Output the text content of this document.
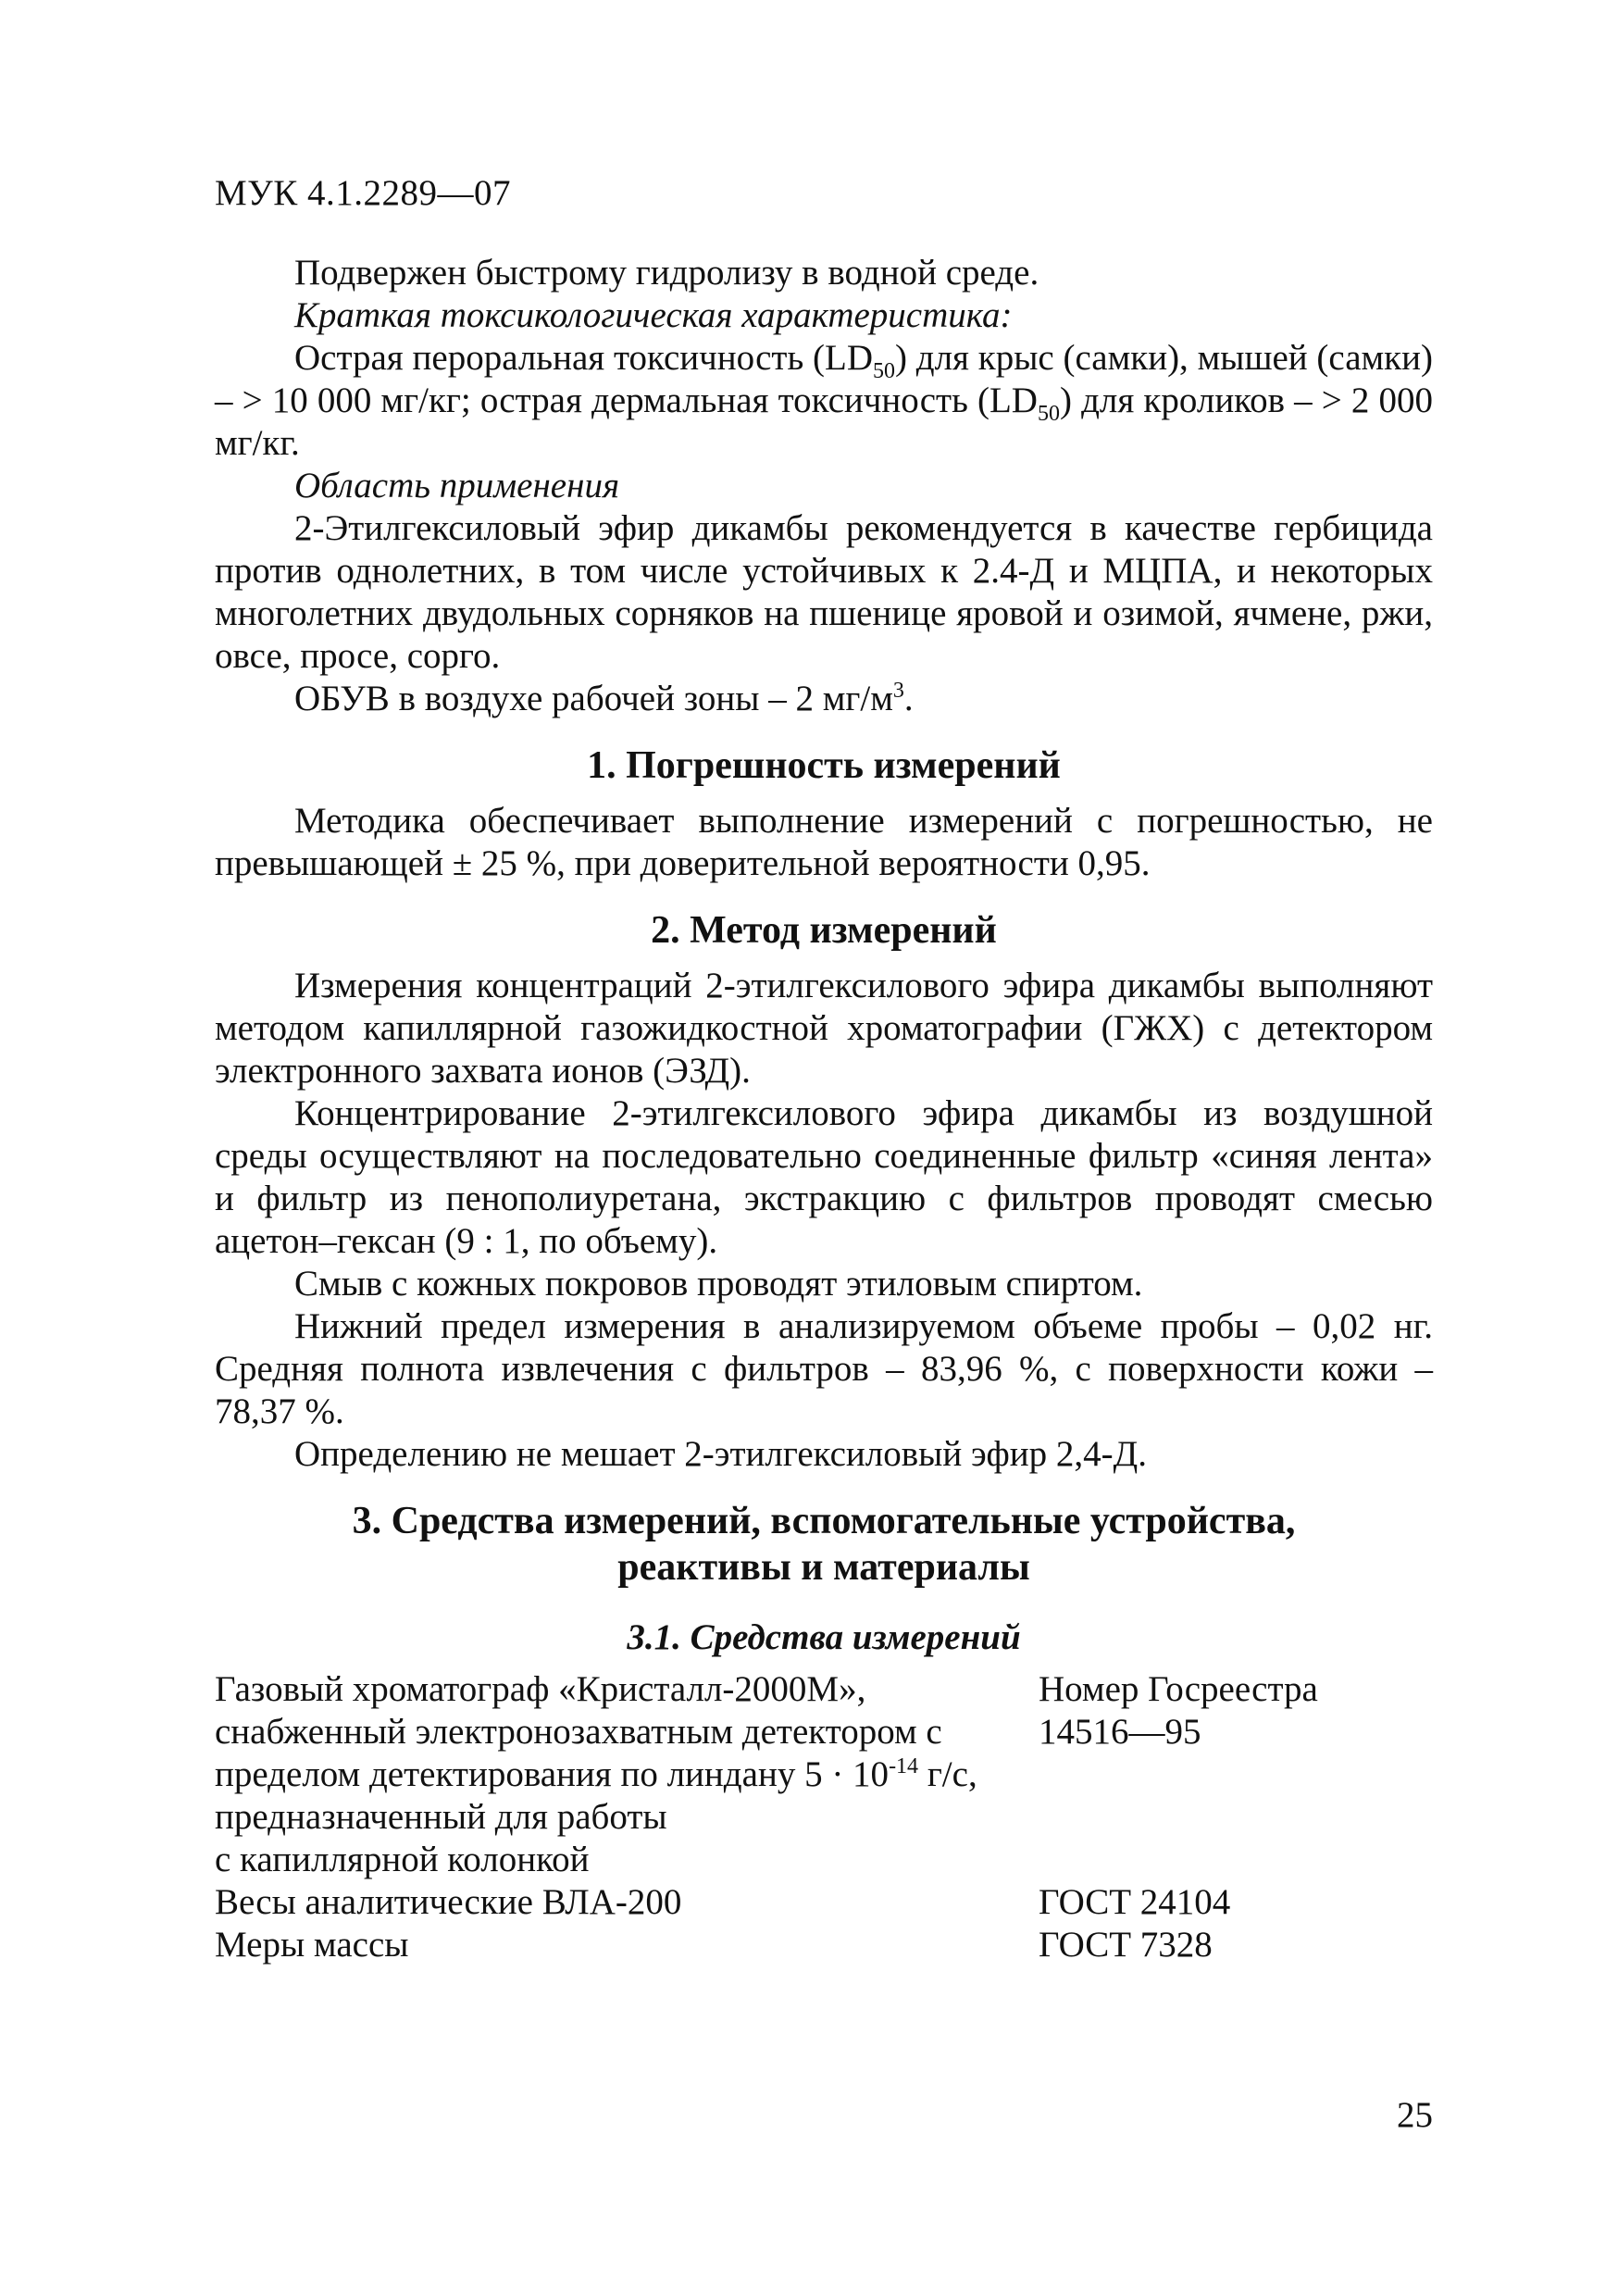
МУК 4.1.2289—07

Подвержен быстрому гидролизу в водной среде.

Краткая токсикологическая характеристика:

Острая пероральная токсичность $(LD_{50})$ для крыс (самки), мышей (самки) – > 10 000 мг/кг; острая дермальная токсичность $(LD_{50})$ для кроликов – > 2 000 мг/кг.

Область применения

2-Этилгексиловый эфир дикамбы рекомендуется в качестве гербицида против однолетних, в том числе устойчивых к 2.4-Д и МЦПА, и некоторых многолетних двудольных сорняков на пшенице яровой и озимой, ячмене, ржи, овсе, просе, сорго.

ОБУВ в воздухе рабочей зоны – 2 $мг/м^3$.

1. Погрешность измерений

Методика обеспечивает выполнение измерений с погрешностью, не превышающей ± 25 %, при доверительной вероятности 0,95.

2. Метод измерений

Измерения концентраций 2-этилгексилового эфира дикамбы выполняют методом капиллярной газожидкостной хроматографии (ГЖХ) с детектором электронного захвата ионов (ЭЗД).

Концентрирование 2-этилгексилового эфира дикамбы из воздушной среды осуществляют на последовательно соединенные фильтр «синяя лента» и фильтр из пенополиуретана, экстракцию с фильтров проводят смесью ацетон–гексан (9 : 1, по объему).

Смыв с кожных покровов проводят этиловым спиртом.

Нижний предел измерения в анализируемом объеме пробы – 0,02 нг. Средняя полнота извлечения с фильтров – 83,96 %, с поверхности кожи – 78,37 %.

Определению не мешает 2-этилгексиловый эфир 2,4-Д.

3. Средства измерений, вспомогательные устройства,
реактивы и материалы
3.1. Средства измерений
Газовый хроматограф «Кристалл-2000М»,
снабженный электронозахватным детектором с
пределом детектирования по линдану $5 \cdot 10^{-14}$ г/с,
предназначенный для работы
с капиллярной колонкой
Номер Госреестра
14516—95
Весы аналитические ВЛА-200	ГОСТ 24104
Меры массы	ГОСТ 7328
25
